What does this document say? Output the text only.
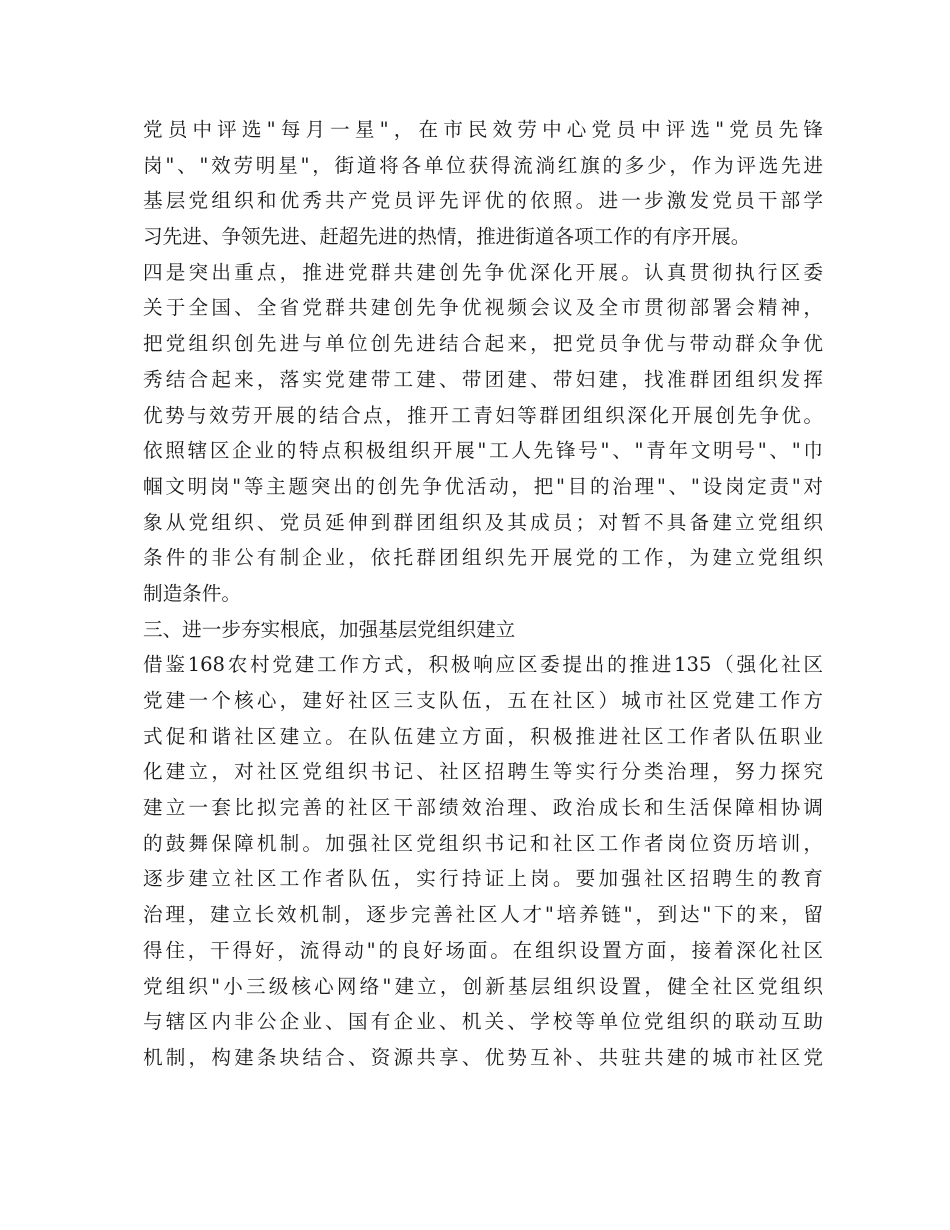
党员中评选"每月一星"，在市民效劳中心党员中评选"党员先锋
岗"、"效劳明星"，街道将各单位获得流淌红旗的多少，作为评选先进
基层党组织和优秀共产党员评先评优的依照。进一步激发党员干部学
习先进、争领先进、赶超先进的热情，推进街道各项工作的有序开展。
四是突出重点，推进党群共建创先争优深化开展。认真贯彻执行区委
关于全国、全省党群共建创先争优视频会议及全市贯彻部署会精神，
把党组织创先进与单位创先进结合起来，把党员争优与带动群众争优
秀结合起来，落实党建带工建、带团建、带妇建，找准群团组织发挥
优势与效劳开展的结合点，推开工青妇等群团组织深化开展创先争优。
依照辖区企业的特点积极组织开展"工人先锋号"、"青年文明号"、"巾
帼文明岗"等主题突出的创先争优活动，把"目的治理"、"设岗定责"对
象从党组织、党员延伸到群团组织及其成员；对暂不具备建立党组织
条件的非公有制企业，依托群团组织先开展党的工作，为建立党组织
制造条件。
三、进一步夯实根底，加强基层党组织建立
借鉴168农村党建工作方式，积极响应区委提出的推进135（强化社区
党建一个核心，建好社区三支队伍，五在社区）城市社区党建工作方
式促和谐社区建立。在队伍建立方面，积极推进社区工作者队伍职业
化建立，对社区党组织书记、社区招聘生等实行分类治理，努力探究
建立一套比拟完善的社区干部绩效治理、政治成长和生活保障相协调
的鼓舞保障机制。加强社区党组织书记和社区工作者岗位资历培训，
逐步建立社区工作者队伍，实行持证上岗。要加强社区招聘生的教育
治理，建立长效机制，逐步完善社区人才"培养链"，到达"下的来，留
得住，干得好，流得动"的良好场面。在组织设置方面，接着深化社区
党组织"小三级核心网络"建立，创新基层组织设置，健全社区党组织
与辖区内非公企业、国有企业、机关、学校等单位党组织的联动互助
机制，构建条块结合、资源共享、优势互补、共驻共建的城市社区党
